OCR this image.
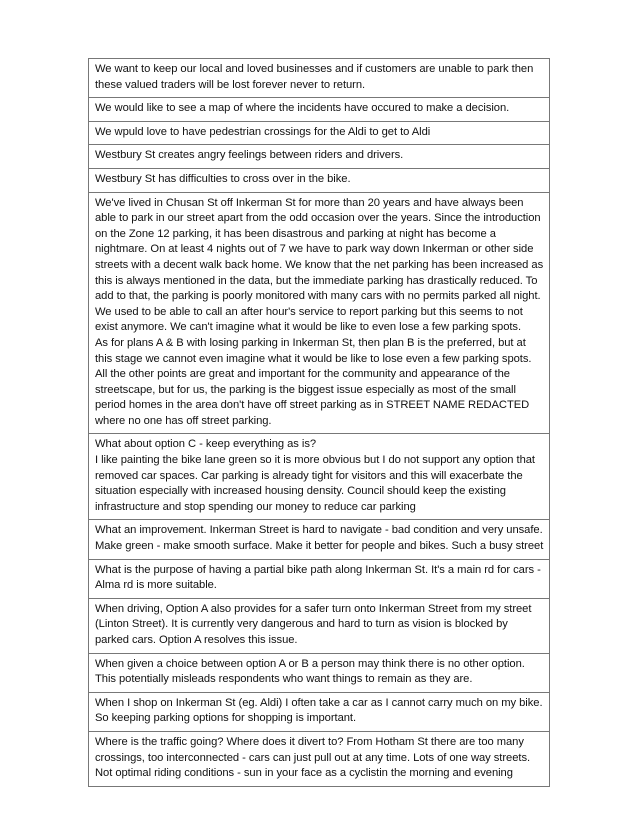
We want to keep our local and loved businesses and if customers are unable to park then these valued traders will be lost forever never to return.

We would like to see a map of where the incidents have occured to make a decision.

We wpuld love to have pedestrian crossings for the Aldi to get to Aldi

Westbury St creates angry feelings between riders and drivers.

Westbury St has difficulties to cross over in the bike.

We've lived in Chusan St off Inkerman St for more than 20 years and have always been able to park in our street apart from the odd occasion over the years. Since the introduction on the Zone 12 parking, it has been disastrous and parking at night has become a nightmare. On at least 4 nights out of 7 we have to park way down Inkerman or other side streets with a decent walk back home. We know that the net parking has been increased as this is always mentioned in the data, but the immediate parking has drastically reduced. To add to that, the parking is poorly monitored with many cars with no permits parked all night. We used to be able to call an after hour's service to report parking but this seems to not exist anymore. We can't imagine what it would be like to even lose a few parking spots.

As for plans A & B with losing parking in Inkerman St, then plan B is the preferred, but at this stage we cannot even imagine what it would be like to lose even a few parking spots. All the other points are great and important for the community and appearance of the streetscape, but for us, the parking is the biggest issue especially as most of the small period homes in the area don't have off street parking as in STREET NAME REDACTED where no one has off street parking.

What about option C - keep everything as is?

I like painting the bike lane green so it is more obvious but I do not support any option that removed car spaces. Car parking is already tight for visitors and this will exacerbate the situation especially with increased housing density. Council should keep the existing infrastructure and stop spending our money to reduce car parking

What an improvement. Inkerman Street is hard to navigate - bad condition and very unsafe. Make green - make smooth surface. Make it better for people and bikes. Such a busy street

What is the purpose of having a partial bike path along Inkerman St. It's a main rd for cars - Alma rd is more suitable.

When driving, Option A also provides for a safer turn onto Inkerman Street from my street (Linton Street). It is currently very dangerous and hard to turn as vision is blocked by parked cars. Option A resolves this issue.

When given a choice between option A or B a person may think there is no other option. This potentially misleads respondents who want things to remain as they are.

When I shop on Inkerman St (eg. Aldi) I often take a car as I cannot carry much on my bike. So keeping parking options for shopping is important.

Where is the traffic going? Where does it divert to? From Hotham St there are too many crossings, too interconnected - cars can just pull out at any time. Lots of one way streets. Not optimal riding conditions - sun in your face as a cyclistin the morning and evening
